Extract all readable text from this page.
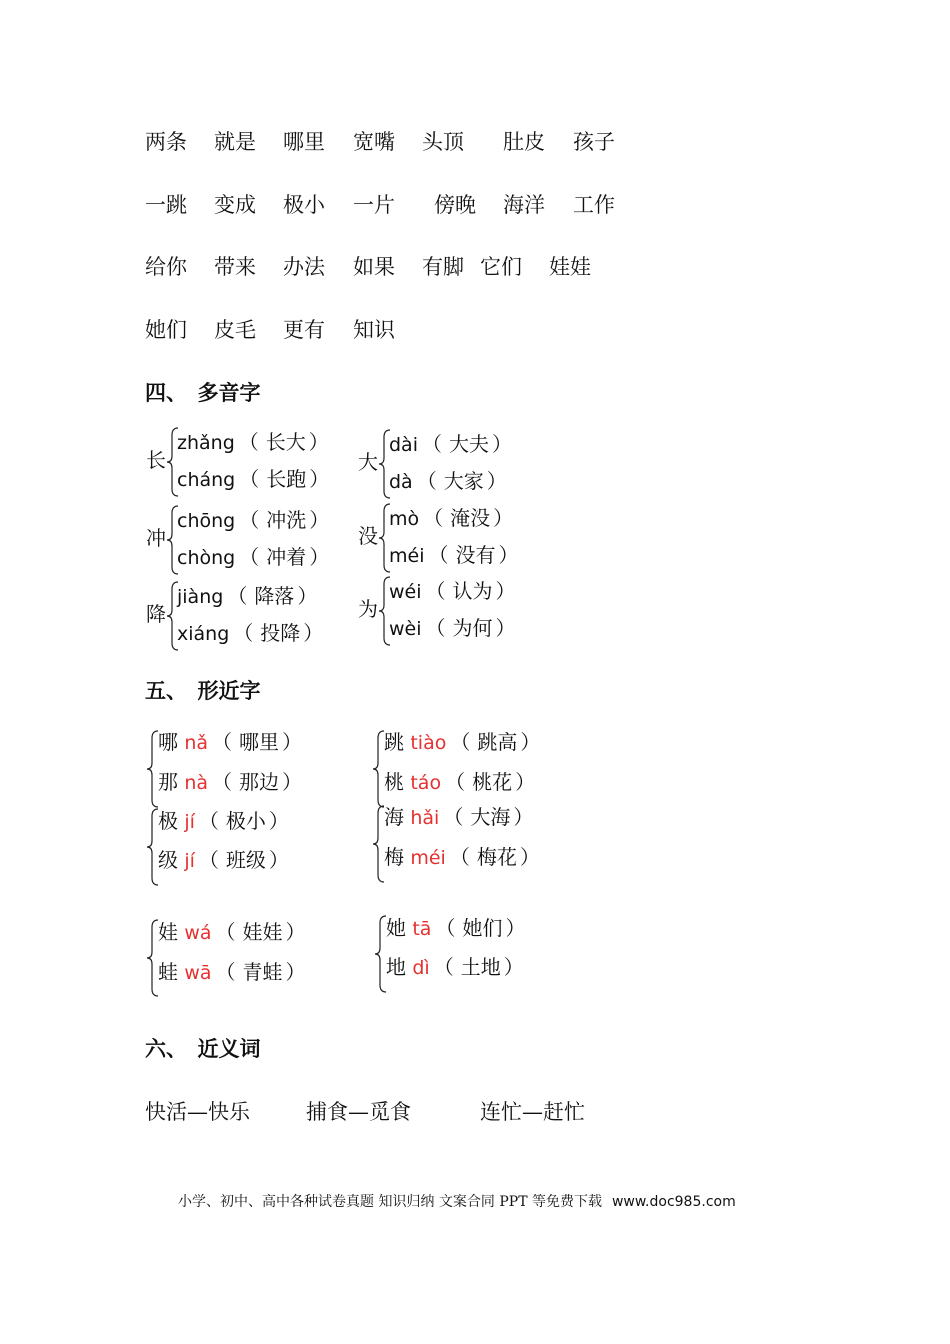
两条 就是 哪里 宽嘴 头顶 肚皮 孩子
一跳 变成 极小 一片 傍晚 海洋 工作
给你 带来 办法 如果 有脚 它们 娃娃
她们 皮毛 更有 知识
四、　多音字
长
zhǎng （ 长大 ）
cháng （ 长跑 ）
大
dài （ 大夫 ）
dà （ 大家 ）
冲
chōng （ 冲洗 ）
chòng （ 冲着 ）
没
mò （ 淹没 ）
méi （ 没有 ）
降
jiàng （ 降落 ）
xiáng （ 投降 ）
为
wéi （ 认为 ）
wèi （ 为何 ）
五、　形近字
哪 nǎ （ 哪里 ）
那 nà （ 那边 ）
跳 tiào （ 跳高 ）
桃 táo （ 桃花 ）
极 jí （ 极小 ）
级 jí （ 班级 ）
海 hǎi （ 大海 ）
梅 méi （ 梅花 ）
娃 wá （ 娃娃 ）
蛙 wā （ 青蛙 ）
她 tā （ 她们 ）
地 dì （ 土地 ）
六、　近义词
快活—快乐	捕食—觅食	连忙—赶忙
小学、初中、高中各种试卷真题 知识归纳 文案合同 PPT 等免费下载 www.doc985.com
